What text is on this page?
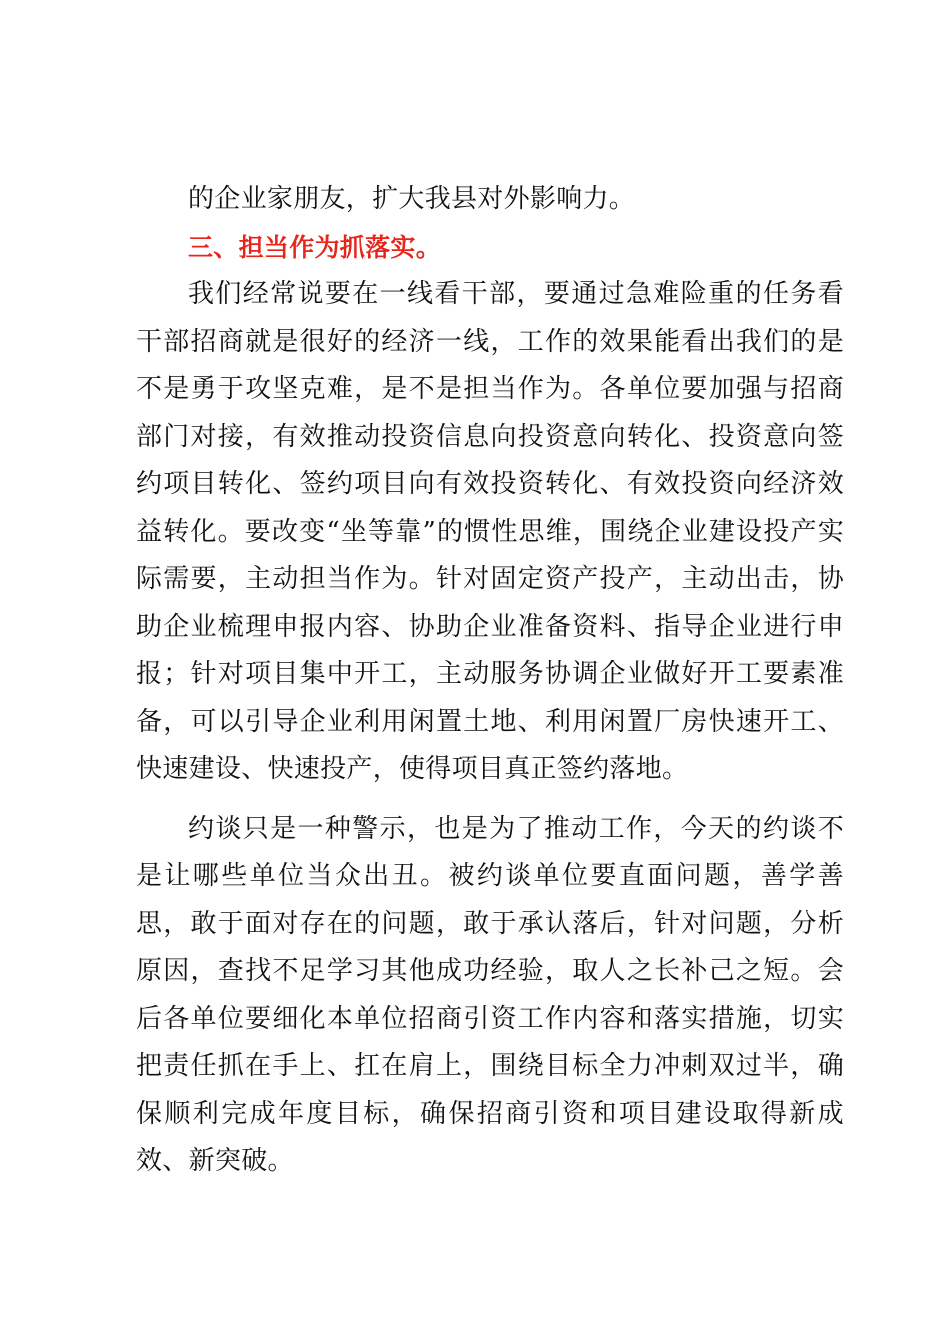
的企业家朋友，扩大我县对外影响力。

三、担当作为抓落实。

我们经常说要在一线看干部，要通过急难险重的任务看干部招商就是很好的经济一线，工作的效果能看出我们的是不是勇于攻坚克难，是不是担当作为。各单位要加强与招商部门对接，有效推动投资信息向投资意向转化、投资意向签约项目转化、签约项目向有效投资转化、有效投资向经济效益转化。要改变“坐等靠”的惯性思维，围绕企业建设投产实际需要，主动担当作为。针对固定资产投产，主动出击，协助企业梳理申报内容、协助企业准备资料、指导企业进行申报；针对项目集中开工，主动服务协调企业做好开工要素准备，可以引导企业利用闲置土地、利用闲置厂房快速开工、快速建设、快速投产，使得项目真正签约落地。

约谈只是一种警示，也是为了推动工作，今天的约谈不是让哪些单位当众出丑。被约谈单位要直面问题，善学善思，敢于面对存在的问题，敢于承认落后，针对问题，分析原因，查找不足学习其他成功经验，取人之长补己之短。会后各单位要细化本单位招商引资工作内容和落实措施，切实把责任抓在手上、扛在肩上，围绕目标全力冲刺双过半，确保顺利完成年度目标，确保招商引资和项目建设取得新成效、新突破。
